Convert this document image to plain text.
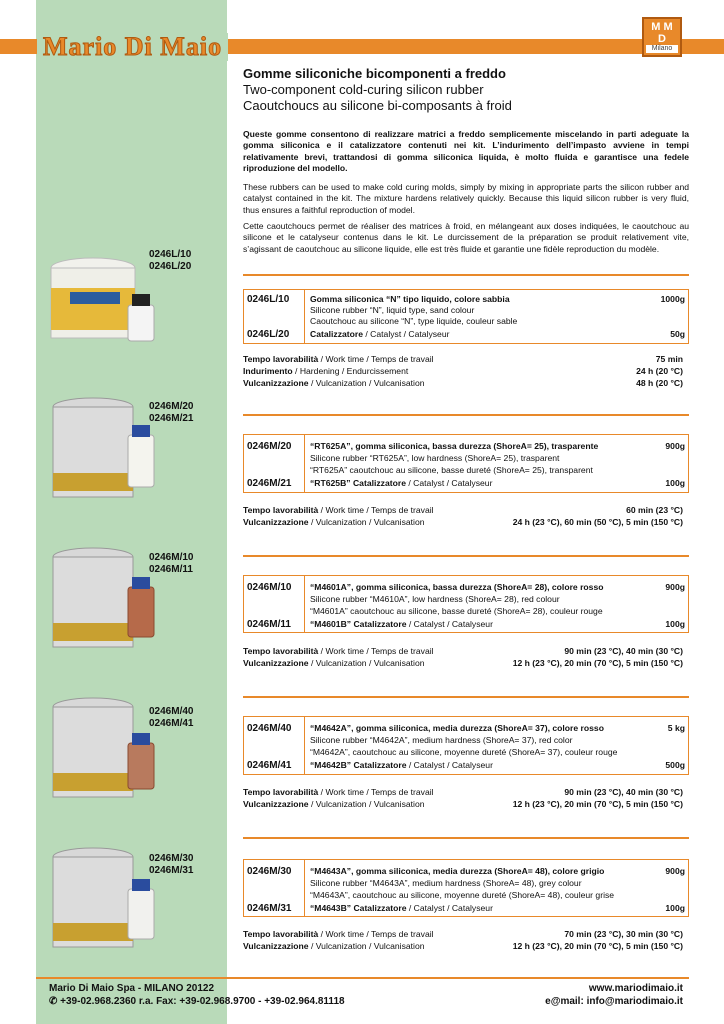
Mario Di Maio
M M
D
Milano
Gomme siliconiche bicomponenti a freddo
Two-component cold-curing silicon rubber
Caoutchoucs au silicone bi-composants à froid

Queste gomme consentono di realizzare matrici a freddo semplicemente miscelando in parti adeguate la gomma siliconica e il catalizzatore contenuti nei kit. L’indurimento dell’impasto avviene in tempi relativamente brevi, trattandosi di gomma siliconica liquida, è molto fluida e garantisce una fedele riproduzione del modello.

These rubbers can be used to make cold curing molds, simply by mixing in appropriate parts the silicon rubber and catalyst contained in the kit. The mixture hardens relatively quickly. Because this liquid silicon rubber is very fluid, thus ensures a faithful reproduction of model.

Cette caoutchoucs permet de réaliser des matrices à froid, en mélangeant aux doses indiquées, le caoutchouc au silicone et le catalyseur contenus dans le kit. Le durcissement de la préparation se produit relativement vite, s’agissant de caoutchouc au silicone liquide, elle est très fluide et garantie une fidèle reproduction du modèle.

0246L/10
0246L/20
0246L/10 Gomma siliconica “N” tipo liquido, colore sabbia	1000g
Silicone rubber “N”, liquid type, sand colour
Caoutchouc au silicone “N”, type liquide, couleur sable
0246L/20 Catalizzatore / Catalyst / Catalyseur	50g
Tempo lavorabilità / Work time / Temps de travail	75 min
Indurimento / Hardening / Endurcissement	24 h (20 °C)
Vulcanizzazione / Vulcanization / Vulcanisation	48 h (20 °C)
0246M/20
0246M/21
0246M/20 “RT625A”, gomma siliconica, bassa durezza (ShoreA= 25), trasparente	900g
Silicone rubber “RT625A”, low hardness (ShoreA= 25), trasparent
“RT625A” caoutchouc au silicone, basse dureté (ShoreA= 25), transparent
0246M/21 “RT625B” Catalizzatore / Catalyst / Catalyseur	100g
Tempo lavorabilità / Work time / Temps de travail	60 min (23 °C)
Vulcanizzazione / Vulcanization / Vulcanisation	24 h (23 °C), 60 min (50 °C), 5 min (150 °C)
0246M/10
0246M/11
0246M/10 “M4601A”, gomma siliconica, bassa durezza (ShoreA= 28), colore rosso	900g
Silicone rubber “M4610A”, low hardness (ShoreA= 28), red colour
“M4601A” caoutchouc au silicone, basse dureté (ShoreA= 28), couleur rouge
0246M/11 “M4601B” Catalizzatore / Catalyst / Catalyseur	100g
Tempo lavorabilità / Work time / Temps de travail	90 min (23 °C), 40 min (30 °C)
Vulcanizzazione / Vulcanization / Vulcanisation	12 h (23 °C), 20 min (70 °C), 5 min (150 °C)
0246M/40
0246M/41	0246M/40 “M4642A”, gomma siliconica, media durezza (ShoreA= 37), colore rosso	5 kg
Silicone rubber “M4642A”, medium hardness (ShoreA= 37), red color
“M4642A”, caoutchouc au silicone, moyenne dureté (ShoreA= 37), couleur rouge
0246M/41 “M4642B” Catalizzatore / Catalyst / Catalyseur	500g
Tempo lavorabilità / Work time / Temps de travail	90 min (23 °C), 40 min (30 °C)
Vulcanizzazione / Vulcanization / Vulcanisation	12 h (23 °C), 20 min (70 °C), 5 min (150 °C)
0246M/30
0246M/31	0246M/30 “M4643A”, gomma siliconica, media durezza (ShoreA= 48), colore grigio	900g
Silicone rubber “M4643A”, medium hardness (ShoreA= 48), grey colour
“M4643A”, caoutchouc au silicone, moyenne dureté (ShoreA= 48), couleur grise
0246M/31 “M4643B” Catalizzatore / Catalyst / Catalyseur	100g
Tempo lavorabilità / Work time / Temps de travail	70 min (23 °C), 30 min (30 °C)
Vulcanizzazione / Vulcanization / Vulcanisation	12 h (23 °C), 20 min (70 °C), 5 min (150 °C)
Mario Di Maio Spa - MILANO 20122
✆ +39-02.968.2360 r.a. Fax: +39-02.968.9700 - +39-02.964.81118
www.mariodimaio.it
e@mail: info@mariodimaio.it
